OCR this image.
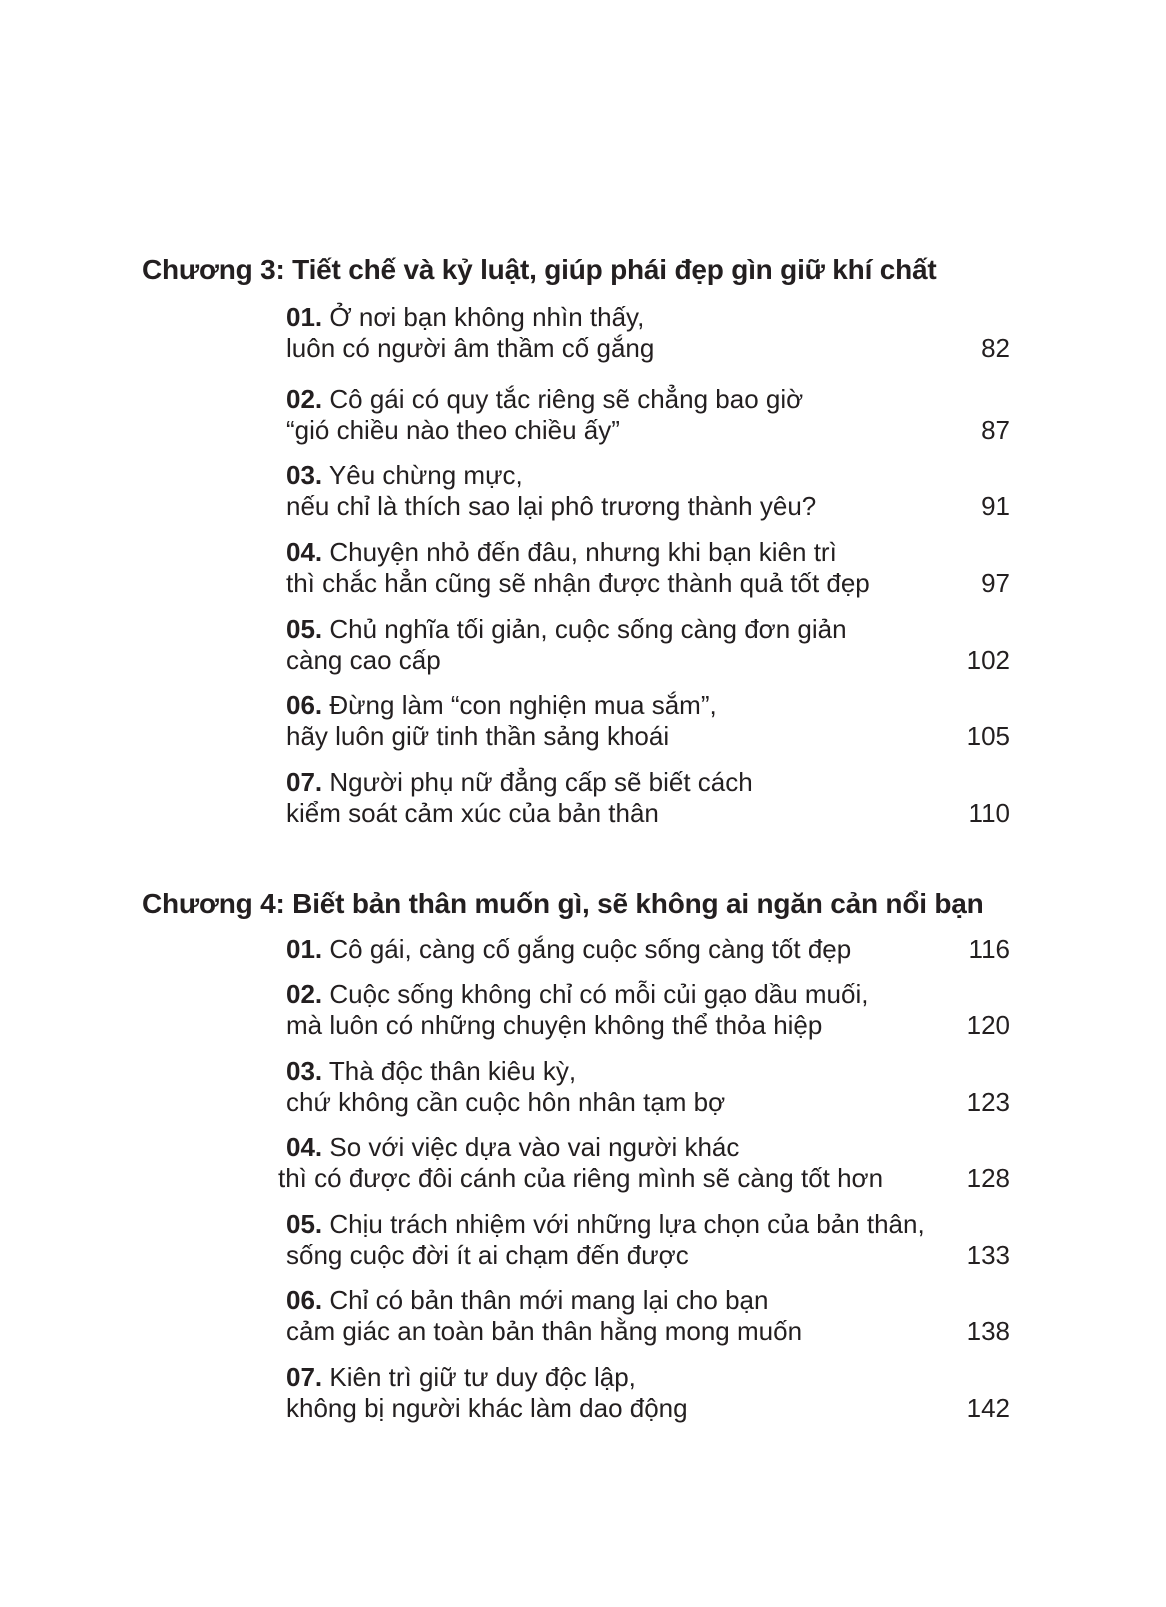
Chương 3: Tiết chế và kỷ luật, giúp phái đẹp gìn giữ khí chất
01. Ở nơi bạn không nhìn thấy,
luôn có người âm thầm cố gắng	82
02. Cô gái có quy tắc riêng sẽ chẳng bao giờ
“gió chiều nào theo chiều ấy”	87
03. Yêu chừng mực,
nếu chỉ là thích sao lại phô trương thành yêu?	91
04. Chuyện nhỏ đến đâu, nhưng khi bạn kiên trì
thì chắc hẳn cũng sẽ nhận được thành quả tốt đẹp	97
05. Chủ nghĩa tối giản, cuộc sống càng đơn giản
càng cao cấp	102
06. Đừng làm “con nghiện mua sắm”,
hãy luôn giữ tinh thần sảng khoái	105
07. Người phụ nữ đẳng cấp sẽ biết cách
kiểm soát cảm xúc của bản thân	110
Chương 4: Biết bản thân muốn gì, sẽ không ai ngăn cản nổi bạn
01. Cô gái, càng cố gắng cuộc sống càng tốt đẹp	116
02. Cuộc sống không chỉ có mỗi củi gạo dầu muối,
mà luôn có những chuyện không thể thỏa hiệp	120
03. Thà độc thân kiêu kỳ,
chứ không cần cuộc hôn nhân tạm bợ	123
04. So với việc dựa vào vai người khác
thì có được đôi cánh của riêng mình sẽ càng tốt hơn	128
05. Chịu trách nhiệm với những lựa chọn của bản thân,
sống cuộc đời ít ai chạm đến được	133
06. Chỉ có bản thân mới mang lại cho bạn
cảm giác an toàn bản thân hằng mong muốn	138
07. Kiên trì giữ tư duy độc lập,
không bị người khác làm dao động	142
